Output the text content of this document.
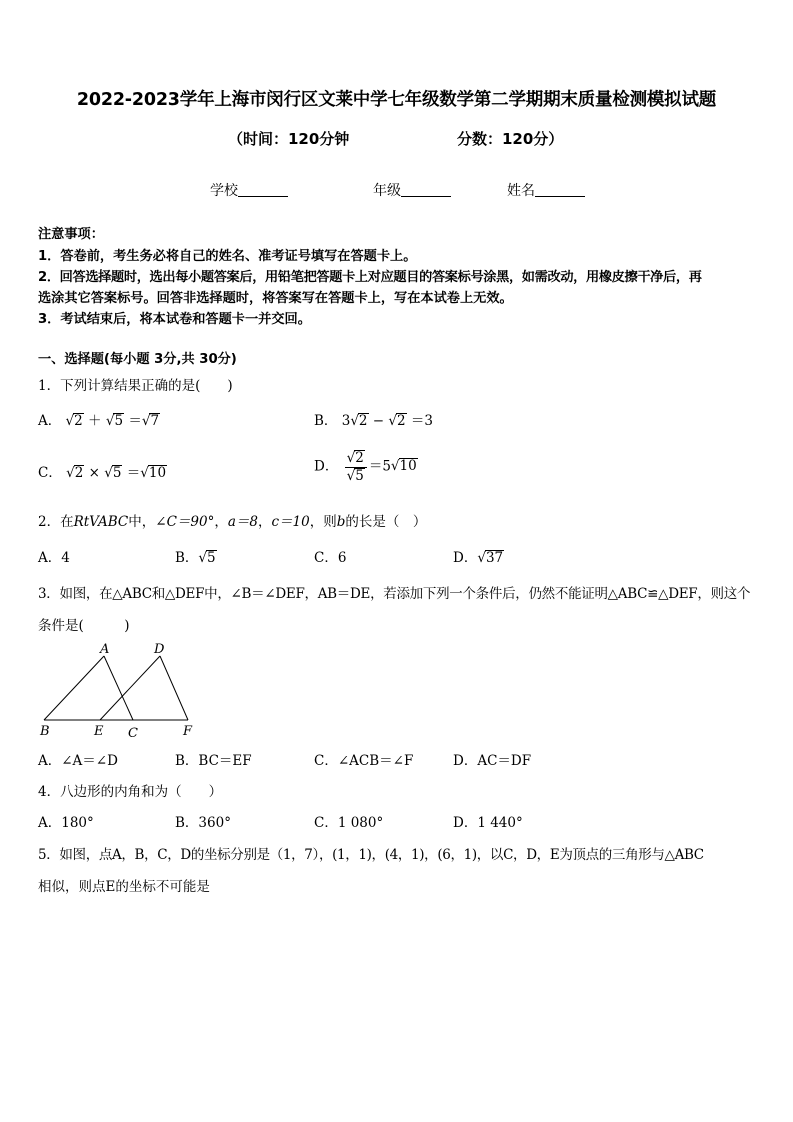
2022-2023学年上海市闵行区文莱中学七年级数学第二学期期末质量检测模拟试题
（时间：120分钟	分数：120分）
学校	年级	姓名
注意事项：
1．答卷前，考生务必将自己的姓名、准考证号填写在答题卡上。
2．回答选择题时，选出每小题答案后，用铅笔把答题卡上对应题目的答案标号涂黑，如需改动，用橡皮擦干净后，再
选涂其它答案标号。回答非选择题时，将答案写在答题卡上，写在本试卷上无效。
3．考试结束后，将本试卷和答题卡一并交回。
一、选择题(每小题 3分,共 30分)
1．下列计算结果正确的是(　　)
A． √2 ＋ √5 ＝√7	B． 3√2 − √2 ＝3
C． √2 × √5 ＝√10	D． $\frac{√2}{√5} =5√10$
2．在RtVABC中，∠C＝90°，a＝8，c＝10，则b的长是（　）
A．4	B．√5	C．6	D．√37
3．如图，在△ABC和△DEF中，∠B＝∠DEF，AB＝DE，若添加下列一个条件后，仍然不能证明△ABC≌△DEF，则这个
条件是(　　　)
A	D
B	E C	F
A．∠A＝∠D	B．BC＝EF	C．∠ACB＝∠F	D．AC＝DF
4．八边形的内角和为（　　）
A．180°	B．360°	C．1 080°	D．1 440°
5．如图，点A，B，C，D的坐标分别是（1，7），(1，1)，(4，1)，(6，1)，以C，D，E为顶点的三角形与△ABC
相似，则点E的坐标不可能是
